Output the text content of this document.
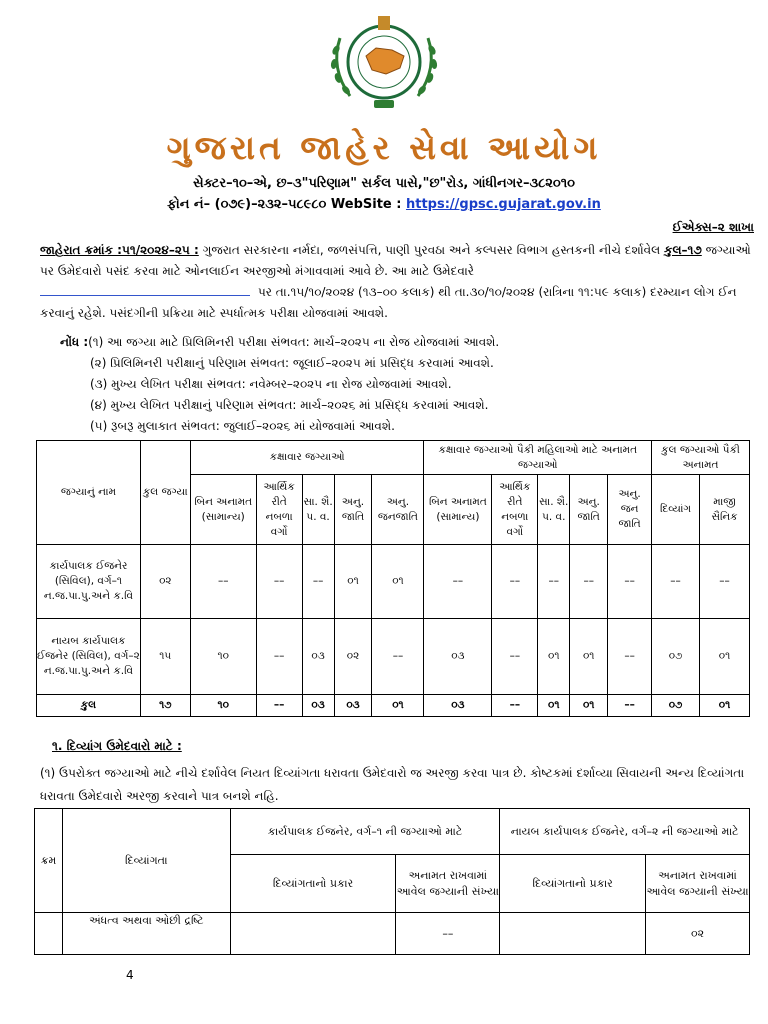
ગુજરાત જાહેર સેવા આયોગ
સેક્ટર–૧૦–એ, છ–૩"પરિણામ" સર્કલ પાસે,"છ"રોડ, ગાંધીનગર–૩૮૨૦૧૦
ફોન નં– (૦૭૯)–૨૩૨–૫૮૯૮૦ WebSite : https://gpsc.gujarat.gov.in
ઈએક્સ–૨ શાખા
જાહેરાત ક્રમાંક :૫૧/૨૦૨૪–૨૫ : ગુજરાત સરકારના નર્મદા, જળસંપત્તિ, પાણી પુરવઠા અને કલ્પસર વિભાગ હસ્તકની નીચે દર્શાવેલ કુલ–૧૭ જગ્યાઓ પર ઉમેદવારો પસંદ કરવા માટે ઓનલાઈન અરજીઓ મંગાવવામાં આવે છે. આ માટે ઉમેદવારે
પર તા.૧૫/૧૦/૨૦૨૪ (૧૩–૦૦ કલાક) થી તા.૩૦/૧૦/૨૦૨૪ (રાત્રિના ૧૧:૫૯ કલાક) દરમ્યાન લોગ ઈન કરવાનું રહેશે. પસંદગીની પ્રક્રિયા માટે સ્પર્ધાત્મક પરીક્ષા યોજવામાં આવશે.
નોંધ :(૧) આ જગ્યા માટે પ્રિલિમિનરી પરીક્ષા સંભવત: માર્ચ–૨૦૨૫ ના રોજ યોજવામાં આવશે.
(૨) પ્રિલિમિનરી પરીક્ષાનું પરિણામ સંભવત: જૂલાઈ–૨૦૨૫ માં પ્રસિદ્ધ કરવામાં આવશે.
(૩) મુખ્ય લેખિત પરીક્ષા સંભવત: નવેમ્બર–૨૦૨૫ ના રોજ યોજવામાં આવશે.
(૪) મુખ્ય લેખિત પરીક્ષાનું પરિણામ સંભવત: માર્ચ–૨૦૨૬ માં પ્રસિદ્ધ કરવામાં આવશે.
(૫) રૂબરૂ મુલાકાત સંભવત: જુલાઈ–૨૦૨૬ માં યોજવામાં આવશે.
જગ્યાનું નામ	કુલ જગ્યા	કક્ષાવાર જગ્યાઓ					કક્ષાવાર જગ્યાઓ પૈકી મહિલાઓ માટે અનામત જગ્યાઓ					કુલ જગ્યાઓ પૈકી અનામત	
		બિન અનામત (સામાન્ય)	આર્થિક રીતે નબળા વર્ગો	સા. શૈ. પ. વ.	અનુ. જાતિ	અનુ. જનજાતિ	બિન અનામત (સામાન્ય)	આર્થિક રીતે નબળા વર્ગો	સા. શૈ. પ. વ.	અનુ. જાતિ	અનુ. જન જાતિ	દિવ્યાંગ	માજી સૈનિક
કાર્યપાલક ઈજનેર (સિવિલ), વર્ગ–૧ ન.જ.પા.પુ.અને ક.વિ	૦૨	––	––	––	૦૧	૦૧	––	––	––	––	––	––	––
નાયબ કાર્યપાલક ઈજનેર (સિવિલ), વર્ગ–૨ ન.જ.પા.પુ.અને ક.વિ	૧૫	૧૦	––	૦૩	૦૨	––	૦૩	––	૦૧	૦૧	––	૦૭	૦૧
કુલ	૧૭	૧૦	––	૦૩	૦૩	૦૧	૦૩	––	૦૧	૦૧	––	૦૭	૦૧
૧. દિવ્યાંગ ઉમેદવારો માટે :
(૧) ઉપરોક્ત જગ્યાઓ માટે નીચે દર્શાવેલ નિયત દિવ્યાંગતા ધરાવતા ઉમેદવારો જ અરજી કરવા પાત્ર છે. કોષ્ટકમાં દર્શાવ્યા સિવાયની અન્ય દિવ્યાંગતા ધરાવતા ઉમેદવારો અરજી કરવાને પાત્ર બનશે નહિ.
ક્રમ	દિવ્યાંગતા	કાર્યપાલક ઈજનેર, વર્ગ–૧ ની જગ્યાઓ માટે		નાયબ કાર્યપાલક ઈજનેર, વર્ગ–૨ ની જગ્યાઓ માટે	
		દિવ્યાંગતાનો પ્રકાર	અનામત રાખવામાં આવેલ જગ્યાની સંખ્યા	દિવ્યાંગતાનો પ્રકાર	અનામત રાખવામાં આવેલ જગ્યાની સંખ્યા
	અંધત્વ અથવા ઓછી દ્રષ્ટિ		––		૦૨
4
